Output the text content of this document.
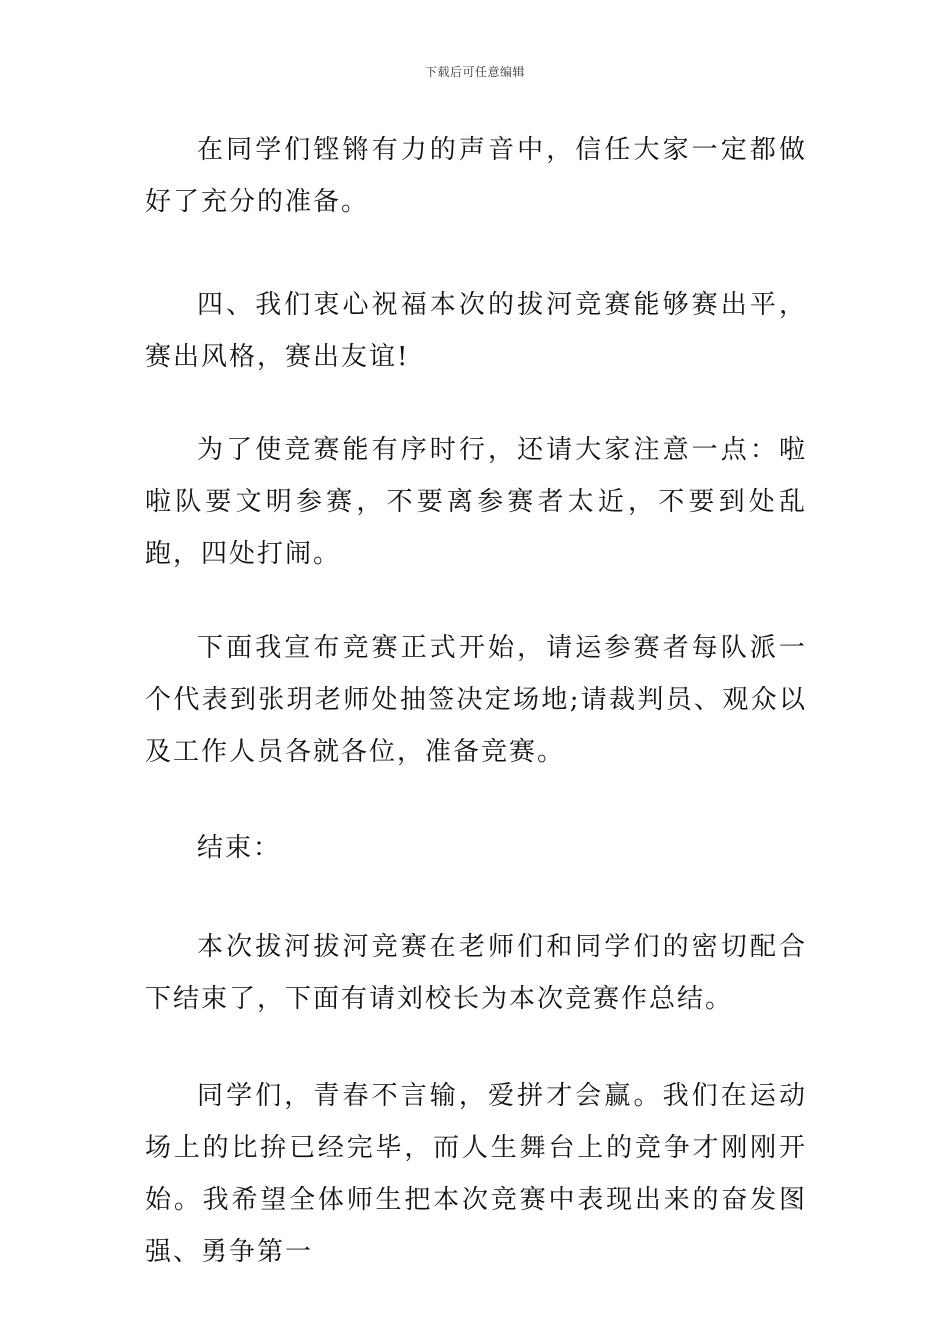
下载后可任意编辑

在同学们铿锵有力的声音中，信任大家一定都做好了充分的准备。

四、我们衷心祝福本次的拔河竞赛能够赛出平，赛出风格，赛出友谊!

为了使竞赛能有序时行，还请大家注意一点：啦啦队要文明参赛，不要离参赛者太近，不要到处乱跑，四处打闹。

下面我宣布竞赛正式开始，请运参赛者每队派一个代表到张玥老师处抽签决定场地;请裁判员、观众以及工作人员各就各位，准备竞赛。

结束：

本次拔河拔河竞赛在老师们和同学们的密切配合下结束了，下面有请刘校长为本次竞赛作总结。

同学们，青春不言输，爱拼才会赢。我们在运动场上的比拚已经完毕，而人生舞台上的竞争才刚刚开始。我希望全体师生把本次竞赛中表现出来的奋发图强、勇争第一
